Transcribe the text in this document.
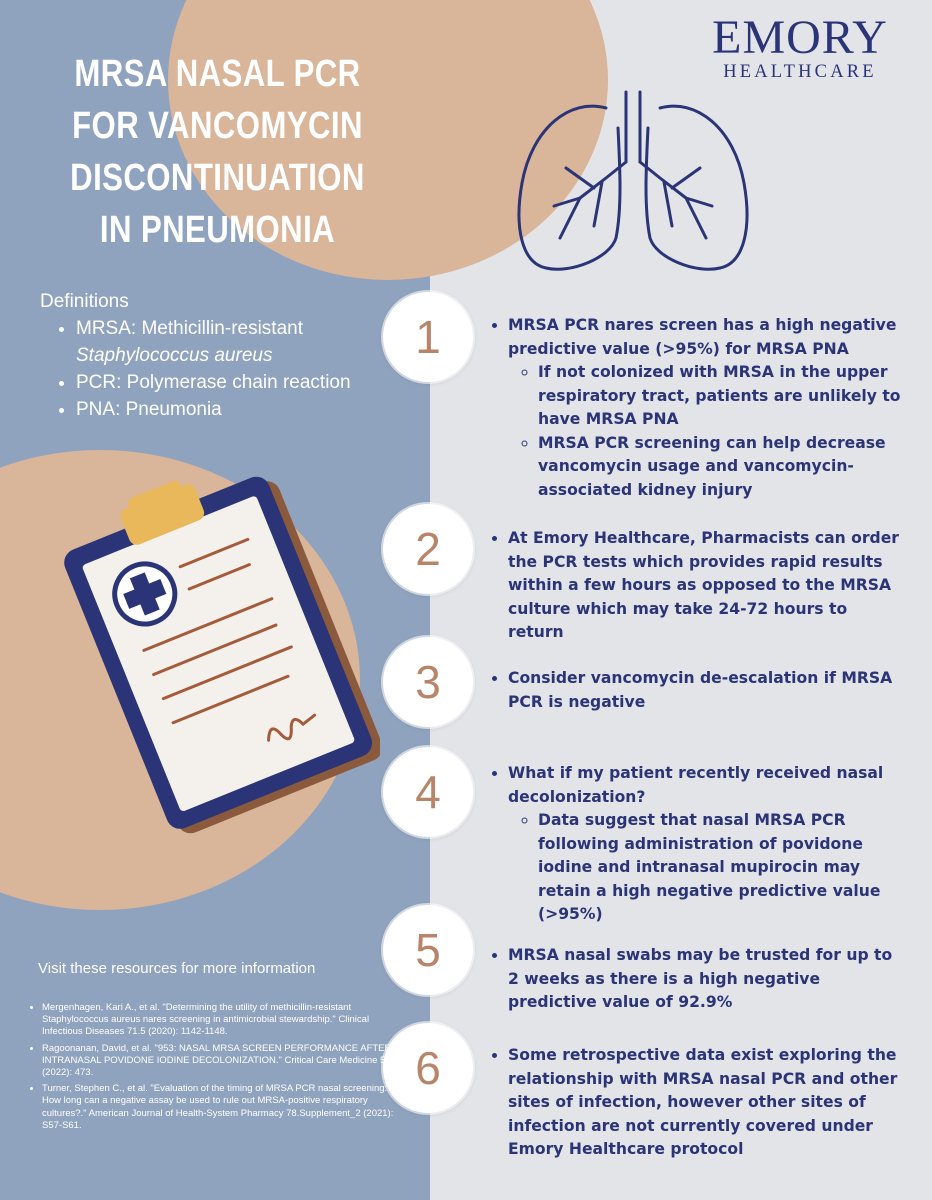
MRSA NASAL PCR FOR VANCOMYCIN DISCONTINUATION IN PNEUMONIA
Definitions
• MRSA: Methicillin-resistant
Staphylococcus aureus
• PCR: Polymerase chain reaction
• PNA: Pneumonia
EMORY
HEALTHCARE
1	• MRSA PCR nares screen has a high negative predictive value (>95%) for MRSA PNA
◦ If not colonized with MRSA in the upper respiratory tract, patients are unlikely to have MRSA PNA
◦ MRSA PCR screening can help decrease vancomycin usage and vancomycin-associated kidney injury
2	• At Emory Healthcare, Pharmacists can order the PCR tests which provides rapid results within a few hours as opposed to the MRSA culture which may take 24-72 hours to return
3	• Consider vancomycin de-escalation if MRSA PCR is negative
4	• What if my patient recently received nasal decolonization?
◦ Data suggest that nasal MRSA PCR following administration of povidone iodine and intranasal mupirocin may retain a high negative predictive value (>95%)
5	• MRSA nasal swabs may be trusted for up to 2 weeks as there is a high negative predictive value of 92.9%
6	• Some retrospective data exist exploring the relationship with MRSA nasal PCR and other sites of infection, however other sites of infection are not currently covered under Emory Healthcare protocol
Visit these resources for more information
• Mergenhagen, Kari A., et al. "Determining the utility of methicillin-resistant Staphylococcus aureus nares screening in antimicrobial stewardship." Clinical Infectious Diseases 71.5 (2020): 1142-1148.
• Ragoonanan, David, et al. "953: NASAL MRSA SCREEN PERFORMANCE AFTER INTRANASAL POVIDONE IODINE DECOLONIZATION." Critical Care Medicine 50.1 (2022): 473.
• Turner, Stephen C., et al. "Evaluation of the timing of MRSA PCR nasal screening: How long can a negative assay be used to rule out MRSA-positive respiratory cultures?." American Journal of Health-System Pharmacy 78.Supplement_2 (2021): S57-S61.
